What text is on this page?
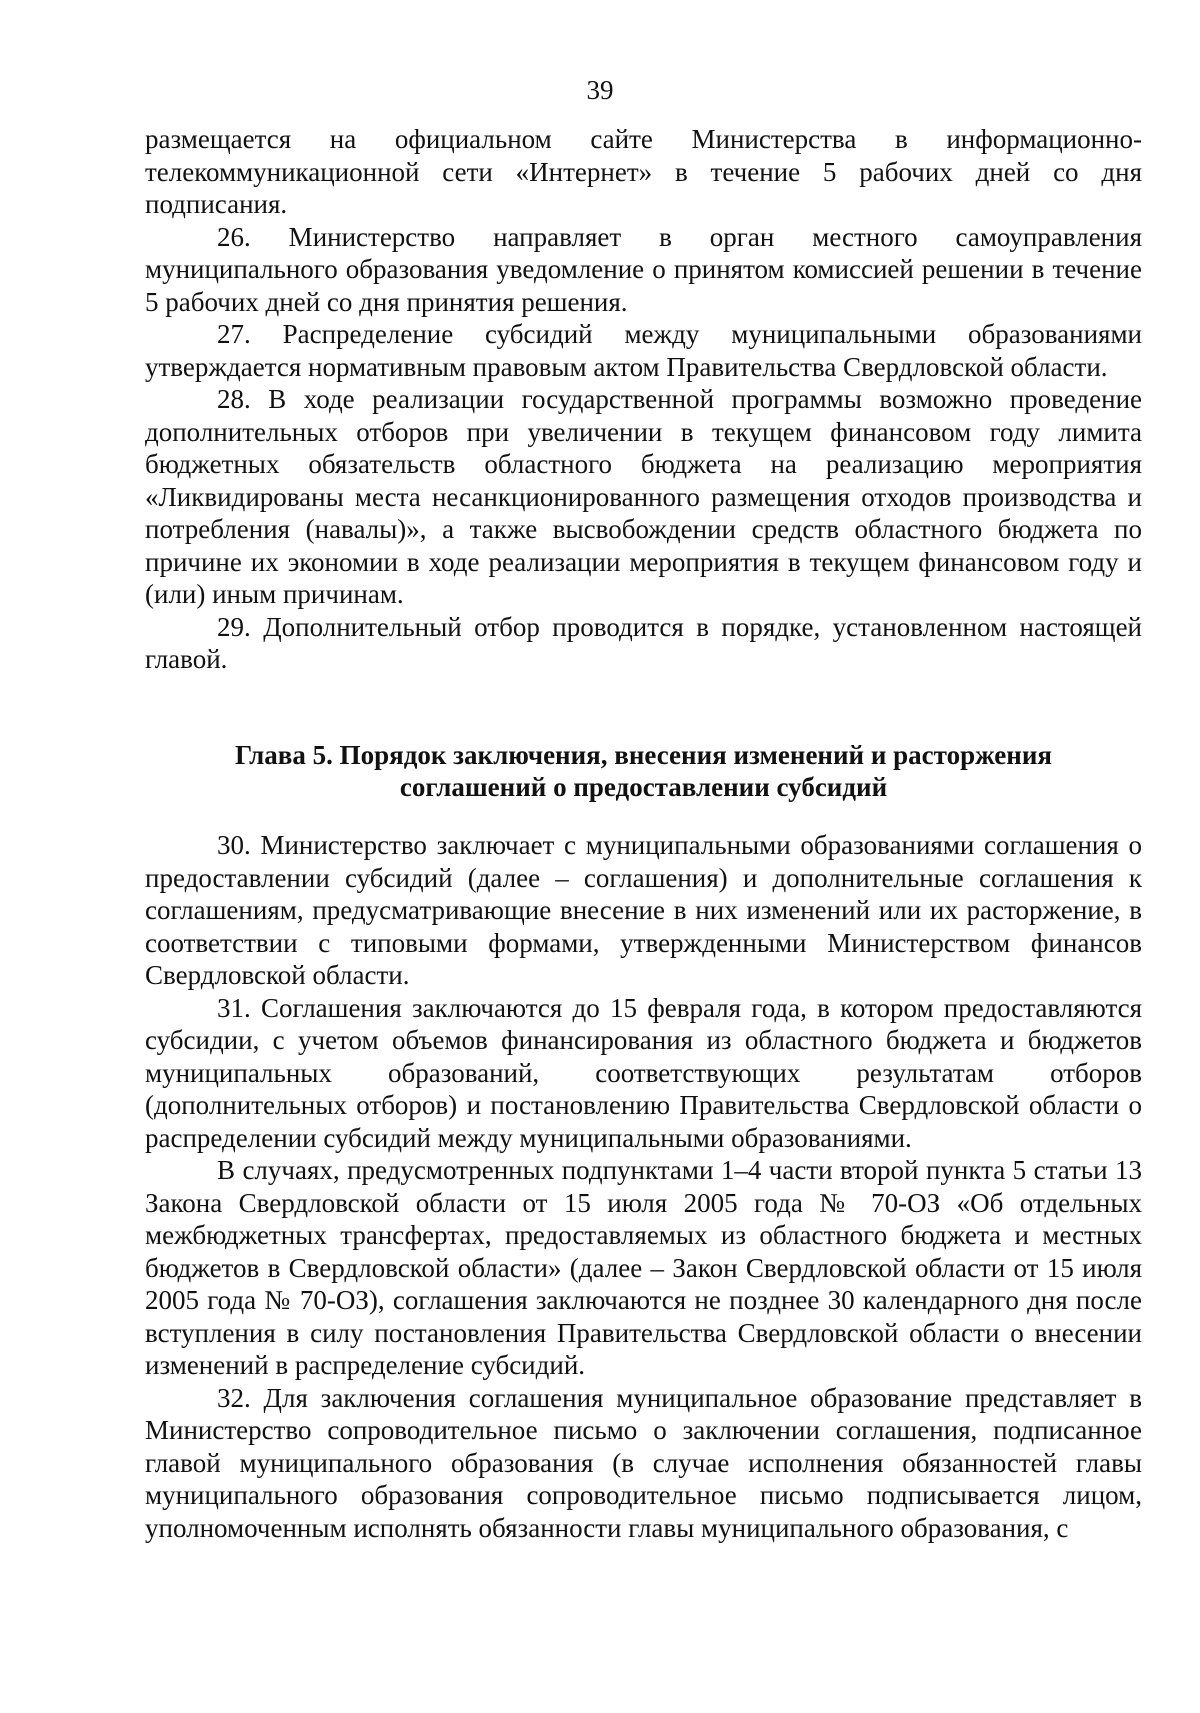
39

размещается на официальном сайте Министерства в информационно-телекоммуникационной сети «Интернет» в течение 5 рабочих дней со дня подписания.

26. Министерство направляет в орган местного самоуправления муниципального образования уведомление о принятом комиссией решении в течение 5 рабочих дней со дня принятия решения.

27. Распределение субсидий между муниципальными образованиями утверждается нормативным правовым актом Правительства Свердловской области.

28. В ходе реализации государственной программы возможно проведение дополнительных отборов при увеличении в текущем финансовом году лимита бюджетных обязательств областного бюджета на реализацию мероприятия «Ликвидированы места несанкционированного размещения отходов производства и потребления (навалы)», а также высвобождении средств областного бюджета по причине их экономии в ходе реализации мероприятия в текущем финансовом году и (или) иным причинам.

29. Дополнительный отбор проводится в порядке, установленном настоящей главой.

Глава 5. Порядок заключения, внесения изменений и расторжения
соглашений о предоставлении субсидий

30. Министерство заключает с муниципальными образованиями соглашения о предоставлении субсидий (далее – соглашения) и дополнительные соглашения к соглашениям, предусматривающие внесение в них изменений или их расторжение, в соответствии с типовыми формами, утвержденными Министерством финансов Свердловской области.

31. Соглашения заключаются до 15 февраля года, в котором предоставляются субсидии, с учетом объемов финансирования из областного бюджета и бюджетов муниципальных образований, соответствующих результатам отборов (дополнительных отборов) и постановлению Правительства Свердловской области о распределении субсидий между муниципальными образованиями.

В случаях, предусмотренных подпунктами 1–4 части второй пункта 5 статьи 13 Закона Свердловской области от 15 июля 2005 года № 70-ОЗ «Об отдельных межбюджетных трансфертах, предоставляемых из областного бюджета и местных бюджетов в Свердловской области» (далее – Закон Свердловской области от 15 июля 2005 года № 70-ОЗ), соглашения заключаются не позднее 30 календарного дня после вступления в силу постановления Правительства Свердловской области о внесении изменений в распределение субсидий.

32. Для заключения соглашения муниципальное образование представляет в Министерство сопроводительное письмо о заключении соглашения, подписанное главой муниципального образования (в случае исполнения обязанностей главы муниципального образования сопроводительное письмо подписывается лицом, уполномоченным исполнять обязанности главы муниципального образования, с
